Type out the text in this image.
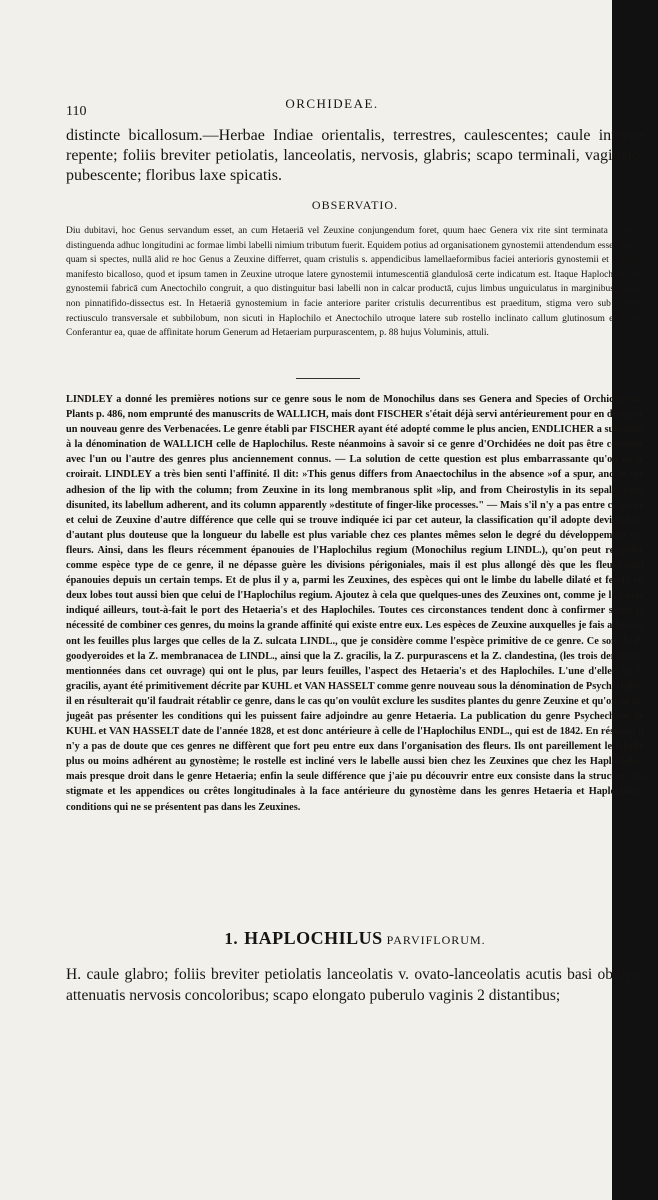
110
ORCHIDEAE.

distincte bicallosum.—Herbae Indiae orientalis, terrestres, caulescentes; caule inferne repente; foliis breviter petiolatis, lanceolatis, nervosis, glabris; scapo terminali, vaginato, pubescente; floribus laxe spicatis.

OBSERVATIO.

Diu dubitavi, hoc Genus servandum esset, an cum Hetaeriā vel Zeuxine conjungendum foret, quum haec Genera vix rite sint terminata et ad ea distinguenda adhuc longitudini ac formae limbi labelli nimium tributum fuerit. Equidem potius ad organisationem gynostemii attendendum esse censeo, quam si spectes, nullā alid re hoc Genus a Zeuxine differret, quam cristulis s. appendicibus lamellaeformibus faciei anterioris gynostemii et stigmate manifesto bicalloso, quod et ipsum tamen in Zeuxine utroque latere gynostemii intumescentiā glandulosā certe indicatum est. Itaque Haplochilus totā gynostemii fabricā cum Anectochilo congruit, a quo distinguitur basi labelli non in calcar productā, cujus limbus unguiculatus in marginibus inferne non pinnatifido-dissectus est. In Hetaeriā gynostemium in facie anteriore pariter cristulis decurrentibus est praeditum, stigma vero sub rostello rectiusculo transversale et subbilobum, non sicuti in Haplochilo et Anectochilo utroque latere sub rostello inclinato callum glutinosum efficiens. Conferantur ea, quae de affinitate horum Generum ad Hetaeriam purpurascentem, p. 88 hujus Voluminis, attuli.

LINDLEY a donné les premières notions sur ce genre sous le nom de Monochilus dans ses Genera and Species of Orchidaceous Plants p. 486, nom emprunté des manuscrits de WALLICH, mais dont FISCHER s'était déjà servi antérieurement pour en désigner un nouveau genre des Verbenacées. Le genre établi par FISCHER ayant été adopté comme le plus ancien, ENDLICHER a substitué à la dénomination de WALLICH celle de Haplochilus. Reste néanmoins à savoir si ce genre d'Orchidées ne doit pas être combiné avec l'un ou l'autre des genres plus anciennement connus. — La solution de cette question est plus embarrassante qu'on ne le croirait. LINDLEY a très bien senti l'affinité. Il dit: »This genus differs from Anaectochilus in the absence »of a spur, and in the adhesion of the lip with the column; from Zeuxine in its long membranous split »lip, and from Cheirostylis in its sepals being disunited, its labellum adherent, and its column apparently »destitute of finger-like processes." — Mais s'il n'y a pas entre ce genre et celui de Zeuxine d'autre différence que celle qui se trouve indiquée ici par cet auteur, la classification qu'il adopte deviendrait d'autant plus douteuse que la longueur du labelle est plus variable chez ces plantes mêmes selon le degré du développement des fleurs. Ainsi, dans les fleurs récemment épanouies de l'Haplochilus regium (Monochilus regium LINDL.), qu'on peut regarder comme espèce type de ce genre, il ne dépasse guère les divisions périgoniales, mais il est plus allongé dès que les fleurs sont épanouies depuis un certain temps. Et de plus il y a, parmi les Zeuxines, des espèces qui ont le limbe du labelle dilaté et fendu en deux lobes tout aussi bien que celui de l'Haplochilus regium. Ajoutez à cela que quelques-unes des Zeuxines ont, comme je l'ai déjà indiqué ailleurs, tout-à-fait le port des Hetaeria's et des Haplochiles. Toutes ces circonstances tendent donc à confirmer sinon la nécessité de combiner ces genres, du moins la grande affinité qui existe entre eux. Les espèces de Zeuxine auxquelles je fais allusion, ont les feuilles plus larges que celles de la Z. sulcata LINDL., que je considère comme l'espèce primitive de ce genre. Ce sont la Z. goodyeroides et la Z. membranacea de LINDL., ainsi que la Z. gracilis, la Z. purpurascens et la Z. clandestina, (les trois dernières, mentionnées dans cet ouvrage) qui ont le plus, par leurs feuilles, l'aspect des Hetaeria's et des Haplochiles. L'une d'elles, la Z. gracilis, ayant été primitivement décrite par KUHL et VAN HASSELT comme genre nouveau sous la dénomination de Psychechilos, il en résulterait qu'il faudrait rétablir ce genre, dans le cas qu'on voulût exclure les susdites plantes du genre Zeuxine et qu'on ne les jugeât pas présenter les conditions qui les puissent faire adjoindre au genre Hetaeria. La publication du genre Psychechilos de KUHL et VAN HASSELT date de l'année 1828, et est donc antérieure à celle de l'Haplochilus ENDL., qui est de 1842. En résumé, il n'y a pas de doute que ces genres ne diffèrent que fort peu entre eux dans l'organisation des fleurs. Ils ont pareillement le labelle plus ou moins adhérent au gynostème; le rostelle est incliné vers le labelle aussi bien chez les Zeuxines que chez les Haplochiles, mais presque droit dans le genre Hetaeria; enfin la seule différence que j'aie pu découvrir entre eux consiste dans la structure du stigmate et les appendices ou crêtes longitudinales à la face antérieure du gynostème dans les genres Hetaeria et Haplochilus, conditions qui ne se présentent pas dans les Zeuxines.

1. HAPLOCHILUS PARVIFLORUM.

H. caule glabro; foliis breviter petiolatis lanceolatis v. ovato-lanceolatis acutis basi oblique attenuatis nervosis concoloribus; scapo elongato puberulo vaginis 2 distantibus;
